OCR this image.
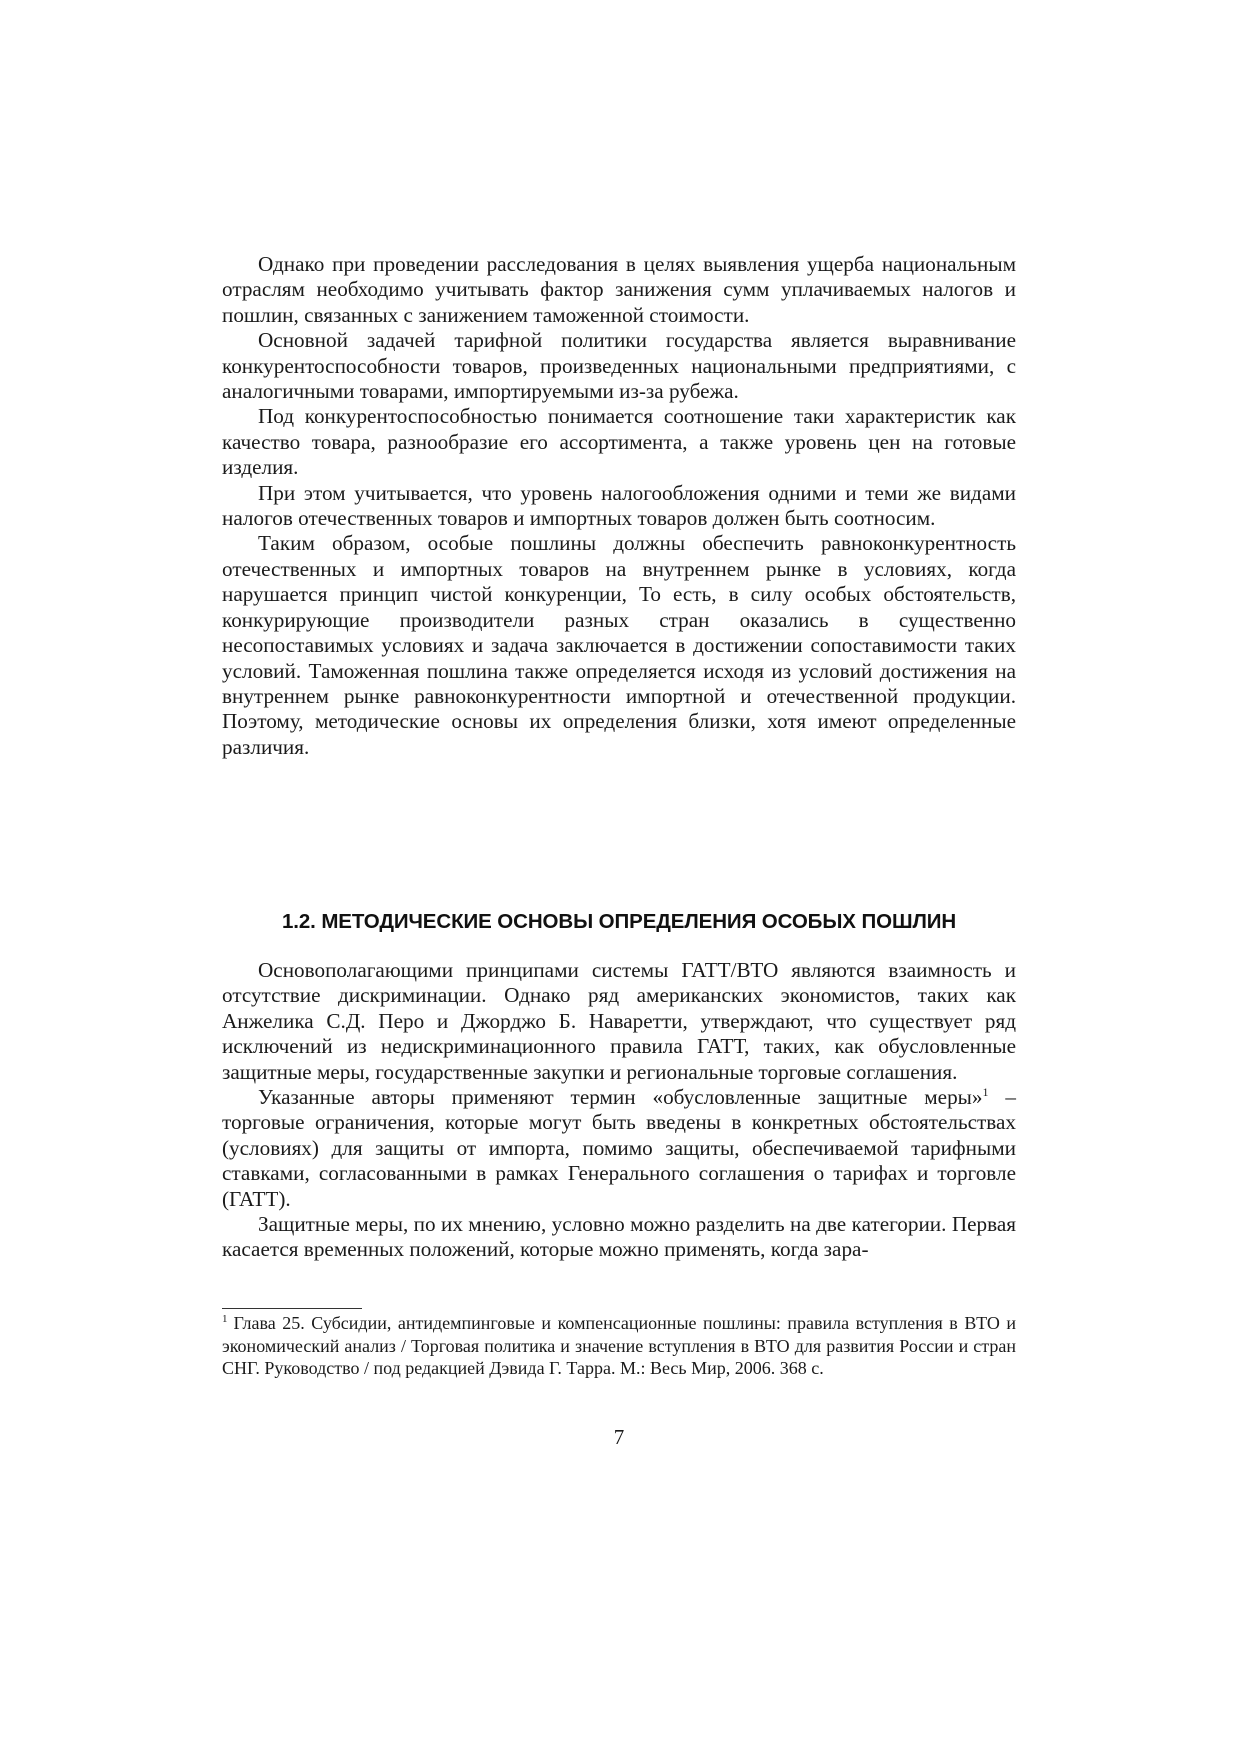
Однако при проведении расследования в целях выявления ущерба национальным отраслям необходимо учитывать фактор занижения сумм уплачиваемых налогов и пошлин, связанных с занижением таможенной стоимости.

Основной задачей тарифной политики государства является выравнивание конкурентоспособности товаров, произведенных национальными предприятиями, с аналогичными товарами, импортируемыми из-за рубежа.

Под конкурентоспособностью понимается соотношение таки характеристик как качество товара, разнообразие его ассортимента, а также уровень цен на готовые изделия.

При этом учитывается, что уровень налогообложения одними и теми же видами налогов отечественных товаров и импортных товаров должен быть соотносим.

Таким образом, особые пошлины должны обеспечить равноконкурентность отечественных и импортных товаров на внутреннем рынке в условиях, когда нарушается принцип чистой конкуренции, То есть, в силу особых обстоятельств, конкурирующие производители разных стран оказались в существенно несопоставимых условиях и задача заключается в достижении сопоставимости таких условий. Таможенная пошлина также определяется исходя из условий достижения на внутреннем рынке равноконкурентности импортной и отечественной продукции. Поэтому, методические основы их определения близки, хотя имеют определенные различия.

1.2. МЕТОДИЧЕСКИЕ ОСНОВЫ ОПРЕДЕЛЕНИЯ ОСОБЫХ ПОШЛИН

Основополагающими принципами системы ГАТТ/ВТО являются взаимность и отсутствие дискриминации. Однако ряд американских экономистов, таких как Анжелика С.Д. Перо и Джорджо Б. Наваретти, утверждают, что существует ряд исключений из недискриминационного правила ГАТТ, таких, как обусловленные защитные меры, государственные закупки и региональные торговые соглашения.

Указанные авторы применяют термин «обусловленные защитные меры»$^1$ – торговые ограничения, которые могут быть введены в конкретных обстоятельствах (условиях) для защиты от импорта, помимо защиты, обеспечиваемой тарифными ставками, согласованными в рамках Генерального соглашения о тарифах и торговле (ГАТТ).

Защитные меры, по их мнению, условно можно разделить на две категории. Первая касается временных положений, которые можно применять, когда зара-

$^1$ Глава 25. Субсидии, антидемпинговые и компенсационные пошлины: правила вступления в ВТО и экономический анализ / Торговая политика и значение вступления в ВТО для развития России и стран СНГ. Руководство / под редакцией Дэвида Г. Тарра. М.: Весь Мир, 2006. 368 с.

7
